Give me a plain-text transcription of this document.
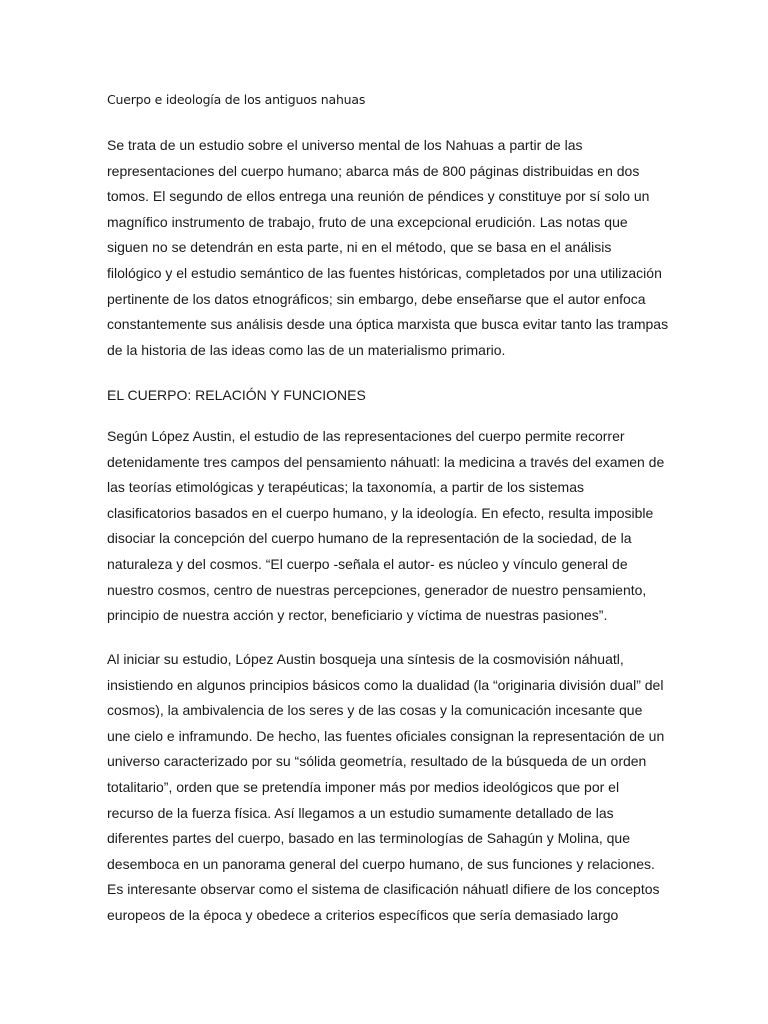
Cuerpo e ideología de los antiguos nahuas

Se trata de un estudio sobre el universo mental de los Nahuas a partir de las
representaciones del cuerpo humano; abarca más de 800 páginas distribuidas en dos
tomos. El segundo de ellos entrega una reunión de péndices y constituye por sí solo un
magnífico instrumento de trabajo, fruto de una excepcional erudición. Las notas que
siguen no se detendrán en esta parte, ni en el método, que se basa en el análisis
filológico y el estudio semántico de las fuentes históricas, completados por una utilización
pertinente de los datos etnográficos; sin embargo, debe enseñarse que el autor enfoca
constantemente sus análisis desde una óptica marxista que busca evitar tanto las trampas
de la historia de las ideas como las de un materialismo primario.

EL CUERPO: RELACIÓN Y FUNCIONES

Según López Austin, el estudio de las representaciones del cuerpo permite recorrer
detenidamente tres campos del pensamiento náhuatl: la medicina a través del examen de
las teorías etimológicas y terapéuticas; la taxonomía, a partir de los sistemas
clasificatorios basados en el cuerpo humano, y la ideología. En efecto, resulta imposible
disociar la concepción del cuerpo humano de la representación de la sociedad, de la
naturaleza y del cosmos. “El cuerpo -señala el autor- es núcleo y vínculo general de
nuestro cosmos, centro de nuestras percepciones, generador de nuestro pensamiento,
principio de nuestra acción y rector, beneficiario y víctima de nuestras pasiones”.

Al iniciar su estudio, López Austin bosqueja una síntesis de la cosmovisión náhuatl,
insistiendo en algunos principios básicos como la dualidad (la “originaria división dual” del
cosmos), la ambivalencia de los seres y de las cosas y la comunicación incesante que
une cielo e inframundo. De hecho, las fuentes oficiales consignan la representación de un
universo caracterizado por su “sólida geometría, resultado de la búsqueda de un orden
totalitario”, orden que se pretendía imponer más por medios ideológicos que por el
recurso de la fuerza física. Así llegamos a un estudio sumamente detallado de las
diferentes partes del cuerpo, basado en las terminologías de Sahagún y Molina, que
desemboca en un panorama general del cuerpo humano, de sus funciones y relaciones.
Es interesante observar como el sistema de clasificación náhuatl difiere de los conceptos
europeos de la época y obedece a criterios específicos que sería demasiado largo
